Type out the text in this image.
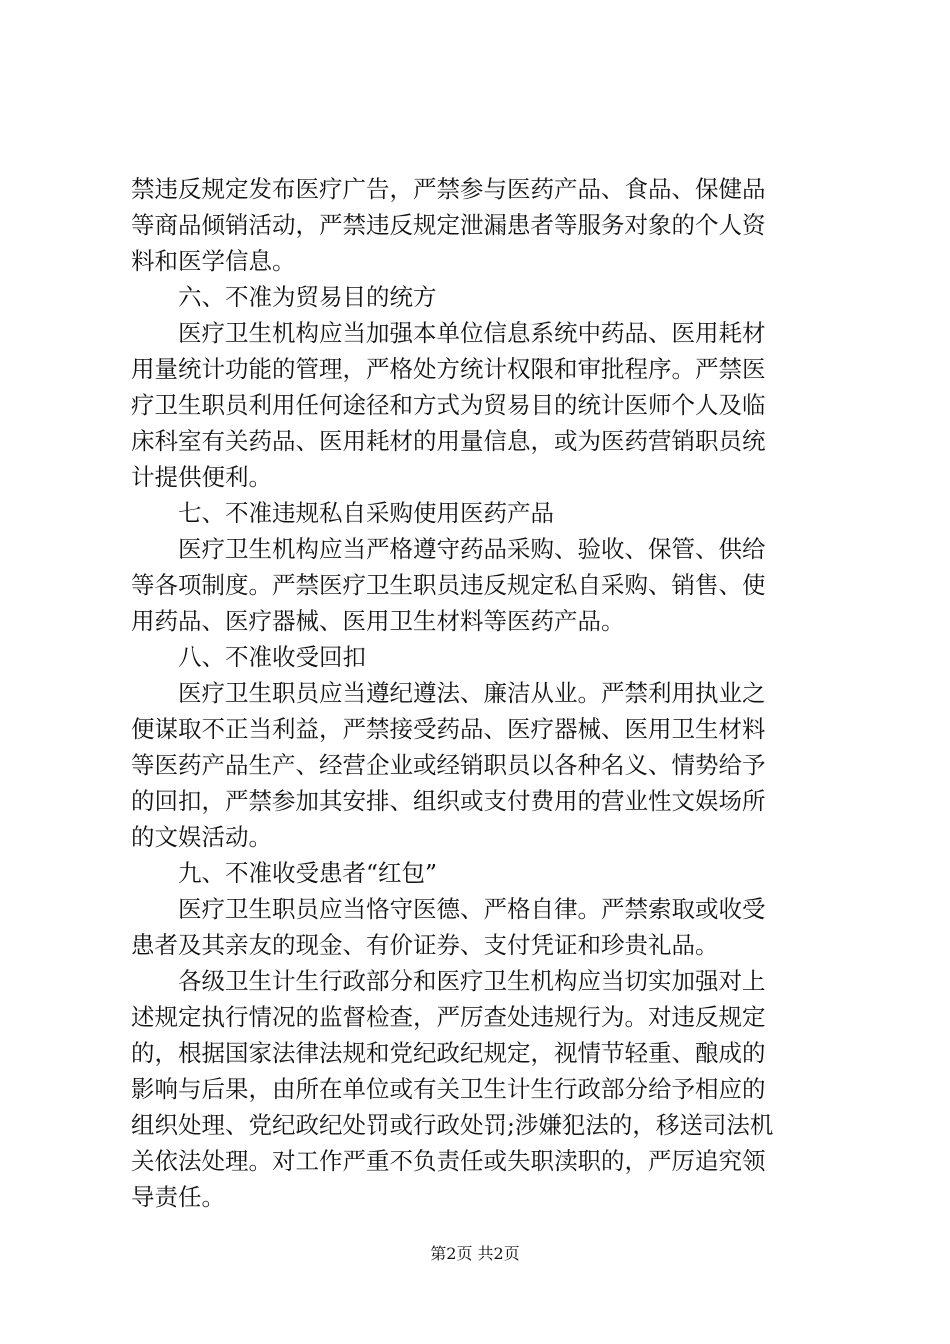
禁违反规定发布医疗广告，严禁参与医药产品、食品、保健品
等商品倾销活动，严禁违反规定泄漏患者等服务对象的个人资
料和医学信息。
六、不准为贸易目的统方
医疗卫生机构应当加强本单位信息系统中药品、医用耗材
用量统计功能的管理，严格处方统计权限和审批程序。严禁医
疗卫生职员利用任何途径和方式为贸易目的统计医师个人及临
床科室有关药品、医用耗材的用量信息，或为医药营销职员统
计提供便利。
七、不准违规私自采购使用医药产品
医疗卫生机构应当严格遵守药品采购、验收、保管、供给
等各项制度。严禁医疗卫生职员违反规定私自采购、销售、使
用药品、医疗器械、医用卫生材料等医药产品。
八、不准收受回扣
医疗卫生职员应当遵纪遵法、廉洁从业。严禁利用执业之
便谋取不正当利益，严禁接受药品、医疗器械、医用卫生材料
等医药产品生产、经营企业或经销职员以各种名义、情势给予
的回扣，严禁参加其安排、组织或支付费用的营业性文娱场所
的文娱活动。
九、不准收受患者“红包”
医疗卫生职员应当恪守医德、严格自律。严禁索取或收受
患者及其亲友的现金、有价证券、支付凭证和珍贵礼品。
各级卫生计生行政部分和医疗卫生机构应当切实加强对上
述规定执行情况的监督检查，严厉查处违规行为。对违反规定
的，根据国家法律法规和党纪政纪规定，视情节轻重、酿成的
影响与后果，由所在单位或有关卫生计生行政部分给予相应的
组织处理、党纪政纪处罚或行政处罚;涉嫌犯法的，移送司法机
关依法处理。对工作严重不负责任或失职渎职的，严厉追究领
导责任。
第2页 共2页
